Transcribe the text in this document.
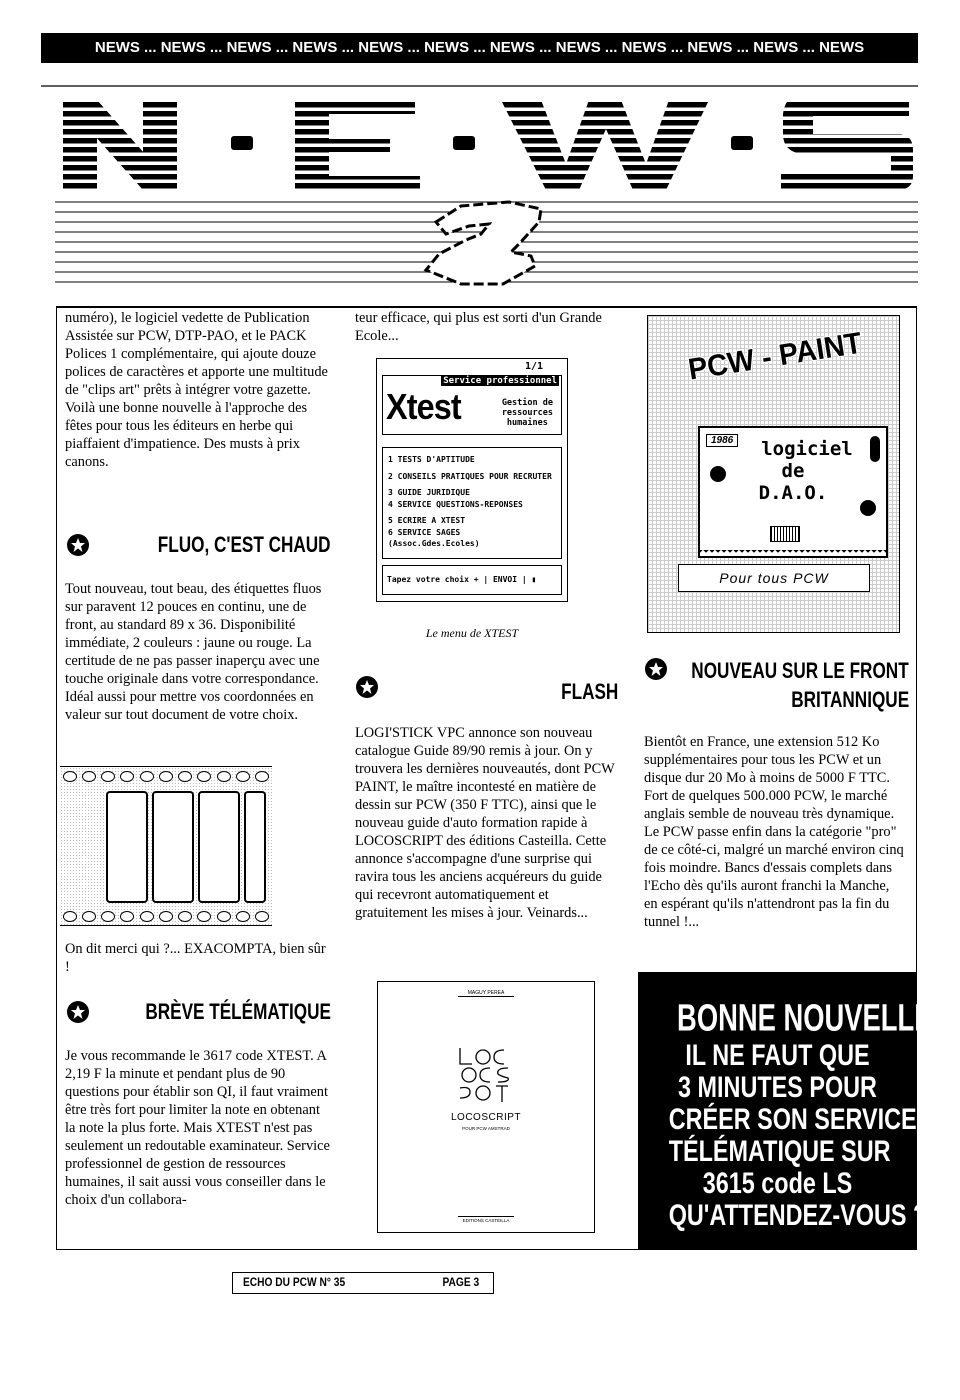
NEWS ... NEWS ... NEWS ... NEWS ... NEWS ... NEWS ... NEWS ... NEWS ... NEWS ... NEWS ... NEWS ... NEWS

numéro), le logiciel vedette de Publication Assistée sur PCW, DTP-PAO, et le PACK Polices 1 complémentaire, qui ajoute douze polices de caractères et apporte une multitude de "clips art" prêts à intégrer votre gazette. Voilà une bonne nouvelle à l'approche des fêtes pour tous les éditeurs en herbe qui piaffaient d'impatience. Des musts à prix canons.

FLUO, C'EST CHAUD

Tout nouveau, tout beau, des étiquettes fluos sur paravent 12 pouces en continu, une de front, au standard 89 x 36. Disponibilité immédiate, 2 couleurs : jaune ou rouge. La certitude de ne pas passer inaperçu avec une touche originale dans votre correspondance. Idéal aussi pour mettre vos coordonnées en valeur sur tout document de votre choix.

On dit merci qui ?... EXACOMPTA, bien sûr !

BRÈVE TÉLÉMATIQUE

Je vous recommande le 3617 code XTEST. A 2,19 F la minute et pendant plus de 90 questions pour établir son QI, il faut vraiment être très fort pour limiter la note en obtenant la note la plus forte. Mais XTEST n'est pas seulement un redoutable examinateur. Service professionnel de gestion de ressources humaines, il sait aussi vous conseiller dans le choix d'un collabora-

teur efficace, qui plus est sorti d'un Grande Ecole...

1/1
Service professionnel
Xtest	Gestion de
ressources
humaines
1 TESTS D'APTITUDE
2 CONSEILS PRATIQUES POUR RECRUTER
3 GUIDE JURIDIQUE
4 SERVICE QUESTIONS-REPONSES
5 ECRIRE A XTEST
6 SERVICE SAGES (Assoc.Gdes.Ecoles)
Tapez votre choix + | ENVOI | ▮
Le menu de XTEST
FLASH

LOGI'STICK VPC annonce son nouveau catalogue Guide 89/90 remis à jour. On y trouvera les dernières nouveautés, dont PCW PAINT, le maître incontesté en matière de dessin sur PCW (350 F TTC), ainsi que le nouveau guide d'auto formation rapide à LOCOSCRIPT des éditions Casteilla. Cette annonce s'accompagne d'une surprise qui ravira tous les anciens acquéreurs du guide qui recevront automatiquement et gratuitement les mises à jour. Veinards...

MAGUY PEREA
LOCOSCRIPT
POUR PCW AMSTRAD
EDITIONS CASTEILLA
PCW - PAINT
1986	logiciel
de
D.A.O.
Pour tous PCW
NOUVEAU SUR LE FRONT
BRITANNIQUE

Bientôt en France, une extension 512 Ko supplémentaires pour tous les PCW et un disque dur 20 Mo à moins de 5000 F TTC. Fort de quelques 500.000 PCW, le marché anglais semble de nouveau très dynamique. Le PCW passe enfin dans la catégorie "pro" de ce côté-ci, malgré un marché environ cinq fois moindre. Bancs d'essais complets dans l'Echo dès qu'ils auront franchi la Manche, en espérant qu'ils n'attendront pas la fin du tunnel !...

BONNE NOUVELLE !
IL NE FAUT QUE
3 MINUTES POUR
CRÉER SON SERVICE
TÉLÉMATIQUE SUR
3615 code LS
QU'ATTENDEZ-VOUS ?
ECHO DU PCW N° 35	PAGE 3
